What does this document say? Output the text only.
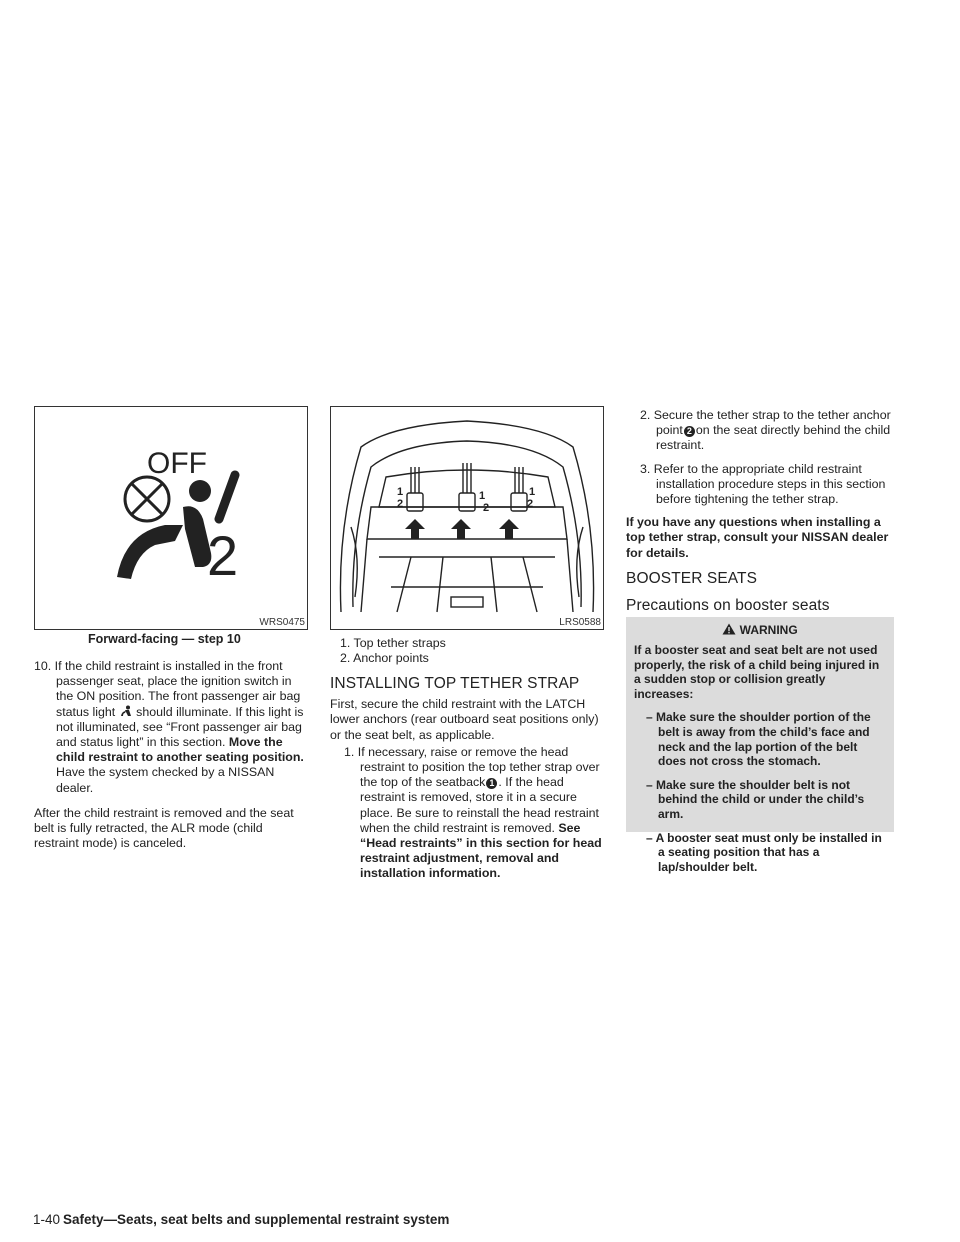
OFF
2
WRS0475
Forward-facing — step 10
1
2
1
2
1
2
LRS0588
1. Top tether straps
2. Anchor points

10. If the child restraint is installed in the front passenger seat, place the ignition switch in the ON position. The front passenger air bag status light should illuminate. If this light is not illuminated, see “Front passenger air bag and status light” in this section. Move the child restraint to another seating position. Have the system checked by a NISSAN dealer.

After the child restraint is removed and the seat belt is fully retracted, the ALR mode (child restraint mode) is canceled.

INSTALLING TOP TETHER STRAP

First, secure the child restraint with the LATCH lower anchors (rear outboard seat positions only) or the seat belt, as applicable.

1. If necessary, raise or remove the head restraint to position the top tether strap over the top of the seatback 1 . If the head restraint is removed, store it in a secure place. Be sure to reinstall the head restraint when the child restraint is removed. See “Head restraints” in this section for head restraint adjustment, removal and installation information.

2. Secure the tether strap to the tether anchor point 2 on the seat directly behind the child restraint.

3. Refer to the appropriate child restraint installation procedure steps in this section before tightening the tether strap.

If you have any questions when installing a top tether strap, consult your NISSAN dealer for details.

BOOSTER SEATS
Precautions on booster seats
WARNING
If a booster seat and seat belt are not used properly, the risk of a child being injured in a sudden stop or collision greatly increases:
– Make sure the shoulder portion of the belt is away from the child’s face and neck and the lap portion of the belt does not cross the stomach.
– Make sure the shoulder belt is not behind the child or under the child’s arm.
– A booster seat must only be installed in a seating position that has a lap/shoulder belt.
1-40 Safety—Seats, seat belts and supplemental restraint system
